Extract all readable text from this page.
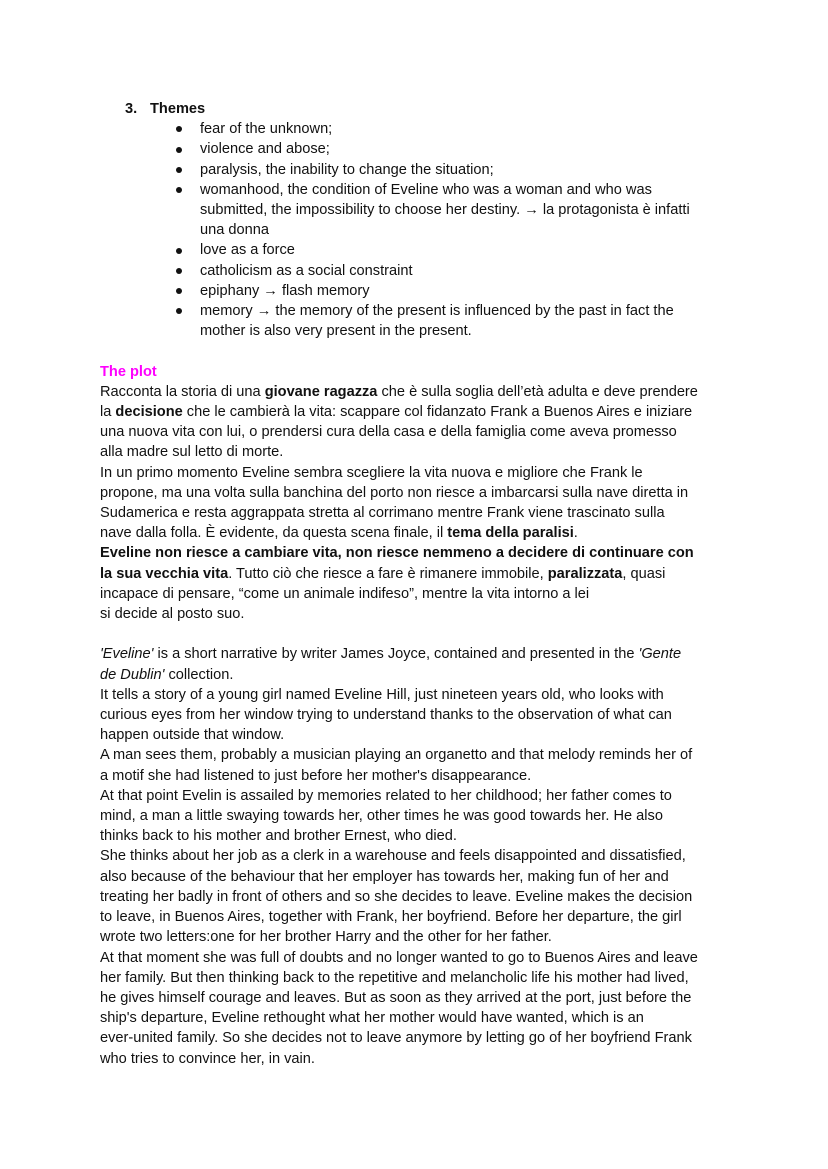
3. Themes
fear of the unknown;
violence and abose;
paralysis, the inability to change the situation;
womanhood, the condition of Eveline who was a woman and who was
submitted, the impossibility to choose her destiny. → la protagonista è infatti
una donna
love as a force
catholicism as a social constraint
epiphany → flash memory
memory → the memory of the present is influenced by the past in fact the
mother is also very present in the present.
The plot
Racconta la storia di una giovane ragazza che è sulla soglia dell’età adulta e deve prendere
la decisione che le cambierà la vita: scappare col fidanzato Frank a Buenos Aires e iniziare
una nuova vita con lui, o prendersi cura della casa e della famiglia come aveva promesso
alla madre sul letto di morte.
In un primo momento Eveline sembra scegliere la vita nuova e migliore che Frank le
propone, ma una volta sulla banchina del porto non riesce a imbarcarsi sulla nave diretta in
Sudamerica e resta aggrappata stretta al corrimano mentre Frank viene trascinato sulla
nave dalla folla. È evidente, da questa scena finale, il tema della paralisi.
Eveline non riesce a cambiare vita, non riesce nemmeno a decidere di continuare con
la sua vecchia vita. Tutto ciò che riesce a fare è rimanere immobile, paralizzata, quasi
incapace di pensare, “come un animale indifeso”, mentre la vita intorno a lei
si decide al posto suo.
'Eveline' is a short narrative by writer James Joyce, contained and presented in the 'Gente
de Dublin' collection.
It tells a story of a young girl named Eveline Hill, just nineteen years old, who looks with
curious eyes from her window trying to understand thanks to the observation of what can
happen outside that window.
A man sees them, probably a musician playing an organetto and that melody reminds her of
a motif she had listened to just before her mother's disappearance.
At that point Evelin is assailed by memories related to her childhood; her father comes to
mind, a man a little swaying towards her, other times he was good towards her. He also
thinks back to his mother and brother Ernest, who died.
She thinks about her job as a clerk in a warehouse and feels disappointed and dissatisfied,
also because of the behaviour that her employer has towards her, making fun of her and
treating her badly in front of others and so she decides to leave. Eveline makes the decision
to leave, in Buenos Aires, together with Frank, her boyfriend. Before her departure, the girl
wrote two letters:one for her brother Harry and the other for her father.
At that moment she was full of doubts and no longer wanted to go to Buenos Aires and leave
her family. But then thinking back to the repetitive and melancholic life his mother had lived,
he gives himself courage and leaves. But as soon as they arrived at the port, just before the
ship's departure, Eveline rethought what her mother would have wanted, which is an
ever-united family. So she decides not to leave anymore by letting go of her boyfriend Frank
who tries to convince her, in vain.
